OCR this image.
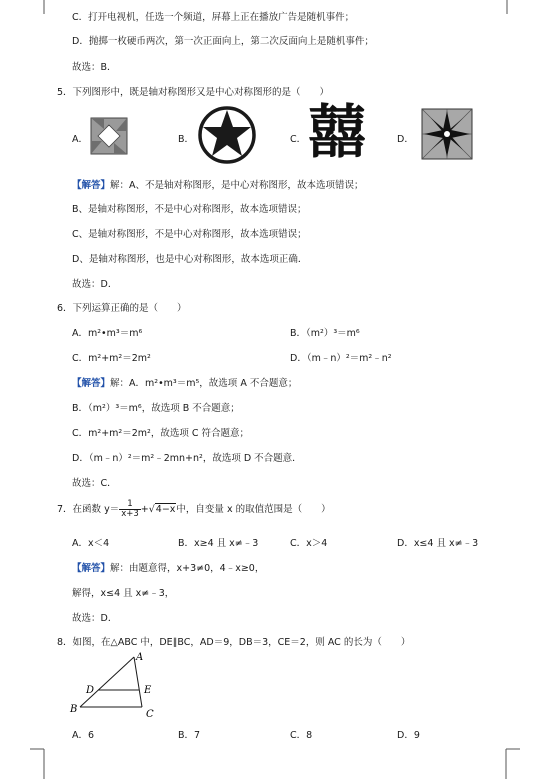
C．打开电视机，任选一个频道，屏幕上正在播放广告是随机事件；
D．抛掷一枚硬币两次，第一次正面向上，第二次反面向上是随机事件；
故选：B．
5．下列图形中，既是轴对称图形又是中心对称图形的是（　　）
A．	B．	C． 囍	D．
【解答】解：A、不是轴对称图形，是中心对称图形，故本选项错误；
B、是轴对称图形，不是中心对称图形，故本选项错误；
C、是轴对称图形，不是中心对称图形，故本选项错误；
D、是轴对称图形，也是中心对称图形，故本选项正确．
故选：D．
6．下列运算正确的是（　　）
A．m²•m³＝m⁶	B．（m²）³＝m⁶
C．m²+m²＝2m²	D．（m﹣n）²＝m²﹣n²
【解答】解：A．m²•m³＝m⁵，故选项 A 不合题意；
B．（m²）³＝m⁶，故选项 B 不合题意；
C．m²+m²＝2m²，故选项 C 符合题意；
D．（m﹣n）²＝m²﹣2mn+n²，故选项 D 不合题意．
故选：C．
7．在函数 $y= \frac{1}{x+3} +√4-x$中，自变量 x 的取值范围是（　　）
A．x＜4	B．x≥4 且 x≠﹣3	C．x＞4	D．x≤4 且 x≠﹣3
【解答】解：由题意得，x+3≠0，4﹣x≥0，
解得，x≤4 且 x≠﹣3，
故选：D．
8．如图，在△ABC 中，DE∥BC，AD＝9，DB＝3，CE＝2，则 AC 的长为（　　）
B
D	E
C
A
A．6	B．7	C．8	D．9
